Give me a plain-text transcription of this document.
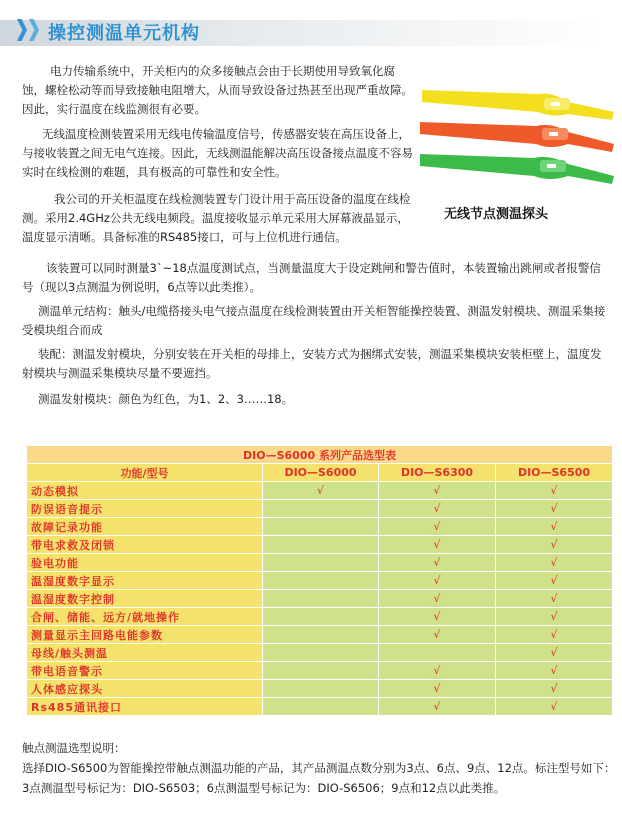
操控测温单元机构

电力传输系统中，开关柜内的众多接触点会由于长期使用导致氧化腐蚀，螺栓松动等而导致接触电阻增大，从而导致设备过热甚至出现严重故障。因此，实行温度在线监测很有必要。

无线温度检测装置采用无线电传输温度信号，传感器安装在高压设备上，与接收装置之间无电气连接。因此，无线测温能解决高压设备接点温度不容易实时在线检测的难题，具有极高的可靠性和安全性。

我公司的开关柜温度在线检测装置专门设计用于高压设备的温度在线检测。采用2.4GHz公共无线电频段。温度接收显示单元采用大屏幕液晶显示，温度显示清晰。具备标准的RS485接口，可与上位机进行通信。

无线节点测温探头

该装置可以同时测量3`~18点温度测试点，当测量温度大于设定跳闸和警告值时，本装置输出跳闸或者报警信号（现以3点测温为例说明，6点等以此类推）。

测温单元结构：触头/电缆搭接头电气接点温度在线检测装置由开关柜智能操控装置、测温发射模块、测温采集接受模块组合而成

装配：测温发射模块，分别安装在开关柜的母排上，安装方式为捆绑式安装，测温采集模块安装柜壁上，温度发射模块与测温采集模块尽量不要遮挡。

测温发射模块：颜色为红色，为1、2、3……18。

DIO—S6000 系列产品选型表			
功能/型号	DIO—S6000	DIO—S6300	DIO—S6500
动态模拟	√	√	√
防误语音提示		√	√
故障记录功能		√	√
带电求救及闭锁		√	√
验电功能		√	√
温湿度数字显示		√	√
温湿度数字控制		√	√
合闸、储能、远方/就地操作		√	√
测量显示主回路电能参数		√	√
母线/触头测温			√
带电语音警示		√	√
人体感应探头		√	√
Rs485通讯接口		√	√
触点测温选型说明：
选择DIO-S6500为智能操控带触点测温功能的产品，其产品测温点数分别为3点、6点、9点、12点。标注型号如下：
3点测温型号标记为：DIO-S6503；6点测温型号标记为：DIO-S6506；9点和12点以此类推。
